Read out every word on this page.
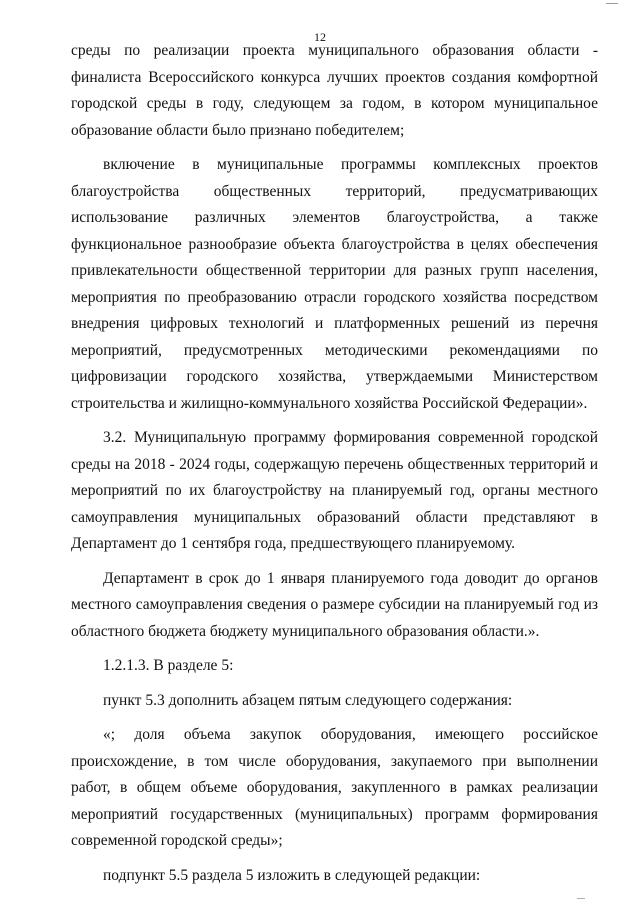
12

среды по реализации проекта муниципального образования области - финалиста Всероссийского конкурса лучших проектов создания комфортной городской среды в году, следующем за годом, в котором муниципальное образование области было признано победителем;

включение в муниципальные программы комплексных проектов благоустройства общественных территорий, предусматривающих использование различных элементов благоустройства, а также функциональное разнообразие объекта благоустройства в целях обеспечения привлекательности общественной территории для разных групп населения, мероприятия по преобразованию отрасли городского хозяйства посредством внедрения цифровых технологий и платформенных решений из перечня мероприятий, предусмотренных методическими рекомендациями по цифровизации городского хозяйства, утверждаемыми Министерством строительства и жилищно-коммунального хозяйства Российской Федерации».

3.2. Муниципальную программу формирования современной городской среды на 2018 - 2024 годы, содержащую перечень общественных территорий и мероприятий по их благоустройству на планируемый год, органы местного самоуправления муниципальных образований области представляют в Департамент до 1 сентября года, предшествующего планируемому.

Департамент в срок до 1 января планируемого года доводит до органов местного самоуправления сведения о размере субсидии на планируемый год из областного бюджета бюджету муниципального образования области.».

1.2.1.3. В разделе 5:

пункт 5.3 дополнить абзацем пятым следующего содержания:

«; доля объема закупок оборудования, имеющего российское происхождение, в том числе оборудования, закупаемого при выполнении работ, в общем объеме оборудования, закупленного в рамках реализации мероприятий государственных (муниципальных) программ формирования современной городской среды»;

подпункт 5.5 раздела 5 изложить в следующей редакции:
